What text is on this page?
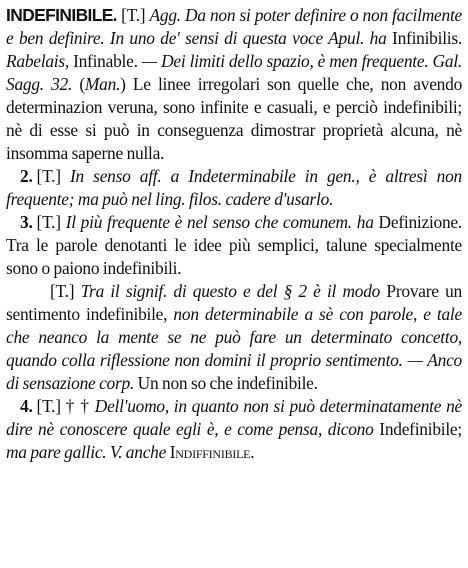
INDEFINIBILE. [T.] Agg. Da non si poter definire o non facilmente e ben definire. In uno de' sensi di questa voce Apul. ha Infinibilis. Rabelais, Infinable. — Dei limiti dello spazio, è men frequente. Gal. Sagg. 32. (Man.) Le linee irregolari son quelle che, non avendo determinazion veruna, sono infinite e casuali, e perciò indefinibili; nè di esse si può in conseguenza dimostrar proprietà alcuna, nè insomma saperne nulla.

2. [T.] In senso aff. a Indeterminabile in gen., è altresì non frequente; ma può nel ling. filos. cadere d'usarlo.

3. [T.] Il più frequente è nel senso che comunem. ha Definizione. Tra le parole denotanti le idee più semplici, talune specialmente sono o paiono indefinibili.

[T.] Tra il signif. di questo e del § 2 è il modo Provare un sentimento indefinibile, non determinabile a sè con parole, e tale che neanco la mente se ne può fare un determinato concetto, quando colla riflessione non domini il proprio sentimento. — Anco di sensazione corp. Un non so che indefinibile.

4. [T.] † † Dell'uomo, in quanto non si può determinatamente nè dire nè conoscere quale egli è, e come pensa, dicono Indefinibile; ma pare gallic. V. anche Indiffinibile.
